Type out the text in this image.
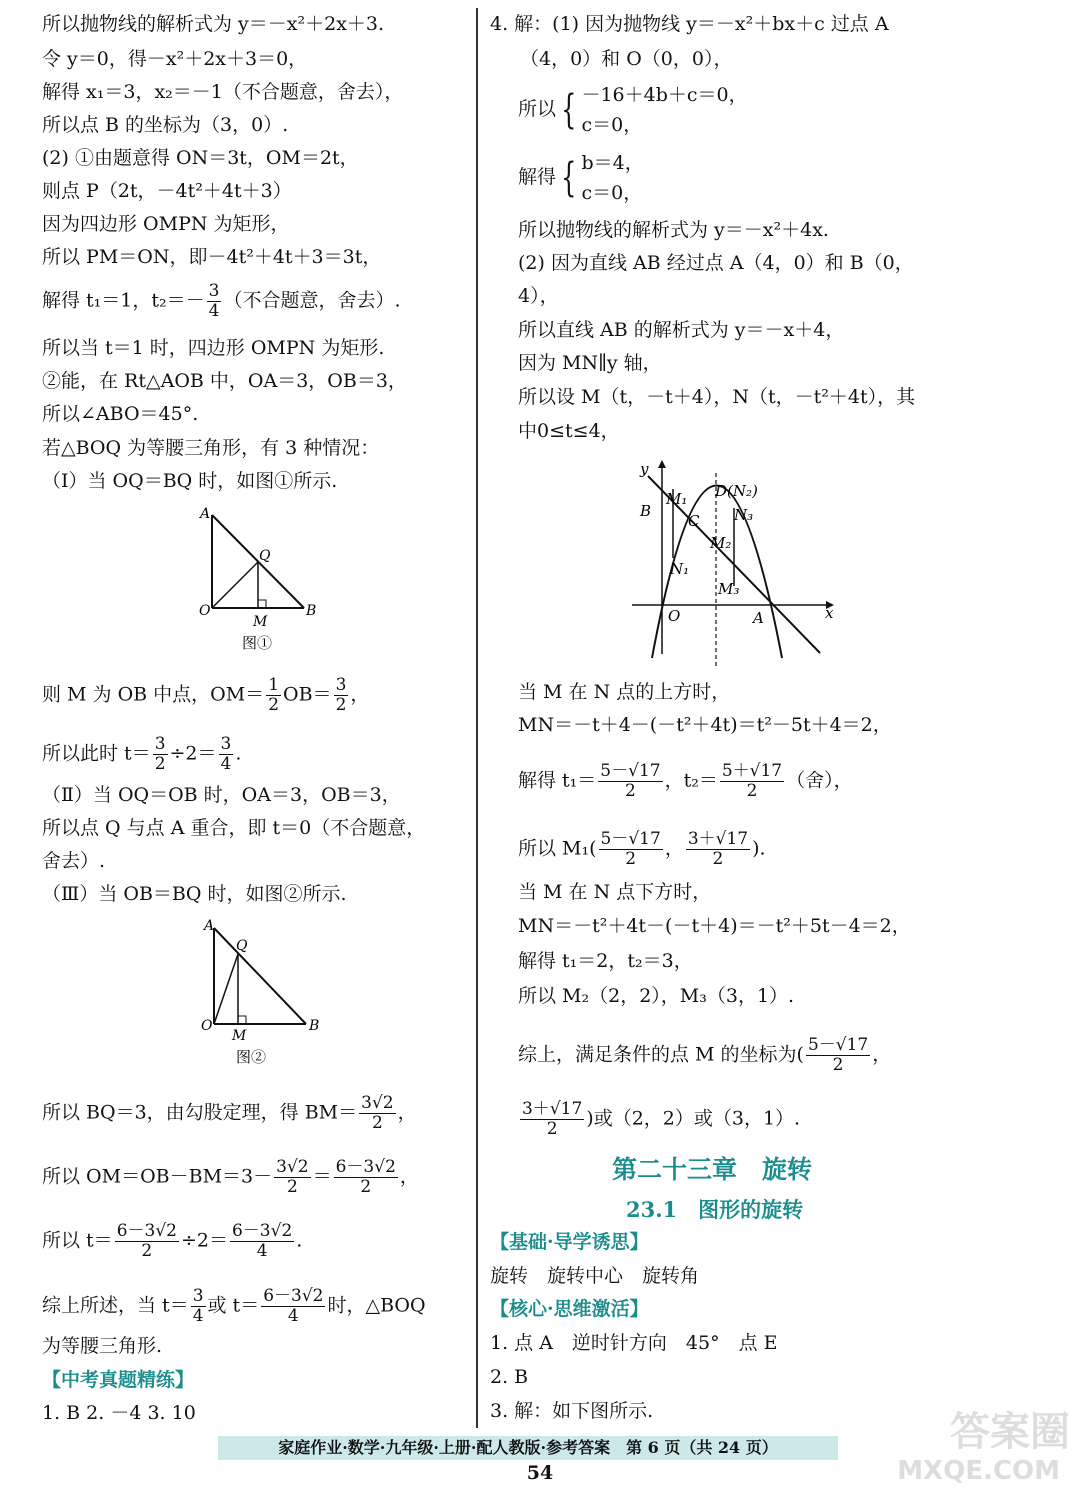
所以抛物线的解析式为 y＝－x²＋2x＋3.
令 y＝0，得－x²＋2x＋3＝0，
解得 x₁＝3，x₂＝－1（不合题意，舍去），
所以点 B 的坐标为（3，0）.
(2) ①由题意得 ON＝3t，OM＝2t，
则点 P（2t，－4t²＋4t＋3）
因为四边形 OMPN 为矩形，
所以 PM＝ON，即－4t²＋4t＋3＝3t，
解得 t₁＝1，$t_2=- \frac{3}{4}$ （不合题意，舍去）.
所以当 t＝1 时，四边形 OMPN 为矩形.
②能，在 Rt△AOB 中，OA＝3，OB＝3，
所以∠ABO＝45°.
若△BOQ 为等腰三角形，有 3 种情况：
（Ⅰ）当 OQ＝BQ 时，如图①所示.
A
Q
O
M
B
图①
则 M 为 OB 中点，$OM= \frac{1}{2} OB= \frac{3}{2}$ ，
所以此时 $t= \frac{3}{2} \div 2= \frac{3}{4}$ .
（Ⅱ）当 OQ＝OB 时，OA＝3，OB＝3，
所以点 Q 与点 A 重合，即 t＝0（不合题意，
舍去）.
（Ⅲ）当 OB＝BQ 时，如图②所示.
A
Q
O
M
B
图②
所以 BQ＝3，由勾股定理，得 $BM= \frac{3√2}{2}$ ，
所以 $OM=OB-BM=3- \frac{3√2}{2} = \frac{6-3√2}{2}$ ，
所以 $t= \frac{6-3√2}{2} \div 2= \frac{6-3√2}{4}$ .
综上所述，当 $t= \frac{3}{4}$ 或 $t= \frac{6-3√2}{4}$ 时，△BOQ
为等腰三角形.
【中考真题精练】
1. B 2. －4 3. 10
4. 解：(1) 因为抛物线 y＝－x²＋bx＋c 过点 A
（4，0）和 O（0，0），
所以 { －16＋4b＋c＝0，
c＝0，
解得 { b＝4，
c＝0，
所以抛物线的解析式为 y＝－x²＋4x.
(2) 因为直线 AB 经过点 A（4，0）和 B（0，
4），
所以直线 AB 的解析式为 y＝－x＋4，
因为 MN∥y 轴，
所以设 M（t，－t＋4），N（t，－t²＋4t），其
中0≤t≤4，
y
x
O	A
B
C
D(N₂)
M₁
N₁
M₂
N₃
M₃
当 M 在 N 点的上方时，
MN＝－t＋4－(－t²＋4t)＝t²－5t＋4＝2，
解得 $t_1= \frac{5-√17}{2}$ ，$t_2= \frac{5+√17}{2}$ （舍），
所以 $M_1( \frac{5-√17}{2}$ ， $\frac{3+√17}{2}$ ).
当 M 在 N 点下方时，
MN＝－t²＋4t－(－t＋4)＝－t²＋5t－4＝2，
解得 t₁＝2，t₂＝3，
所以 M₂（2，2），M₃（3，1）.
综上，满足条件的点 M 的坐标为( $\frac{5-√17}{2}$ ，
$\frac{3+√17}{2}$ )或（2，2）或（3，1）.
第二十三章　旋转
23.1　图形的旋转
【基础·导学诱思】
旋转　旋转中心　旋转角
【核心·思维激活】
1. 点 A　逆时针方向　45°　点 E
2. B
3. 解：如下图所示.
家庭作业·数学·九年级·上册·配人教版·参考答案　第 6 页（共 24 页）
54
答案圈
MXQE.COM
